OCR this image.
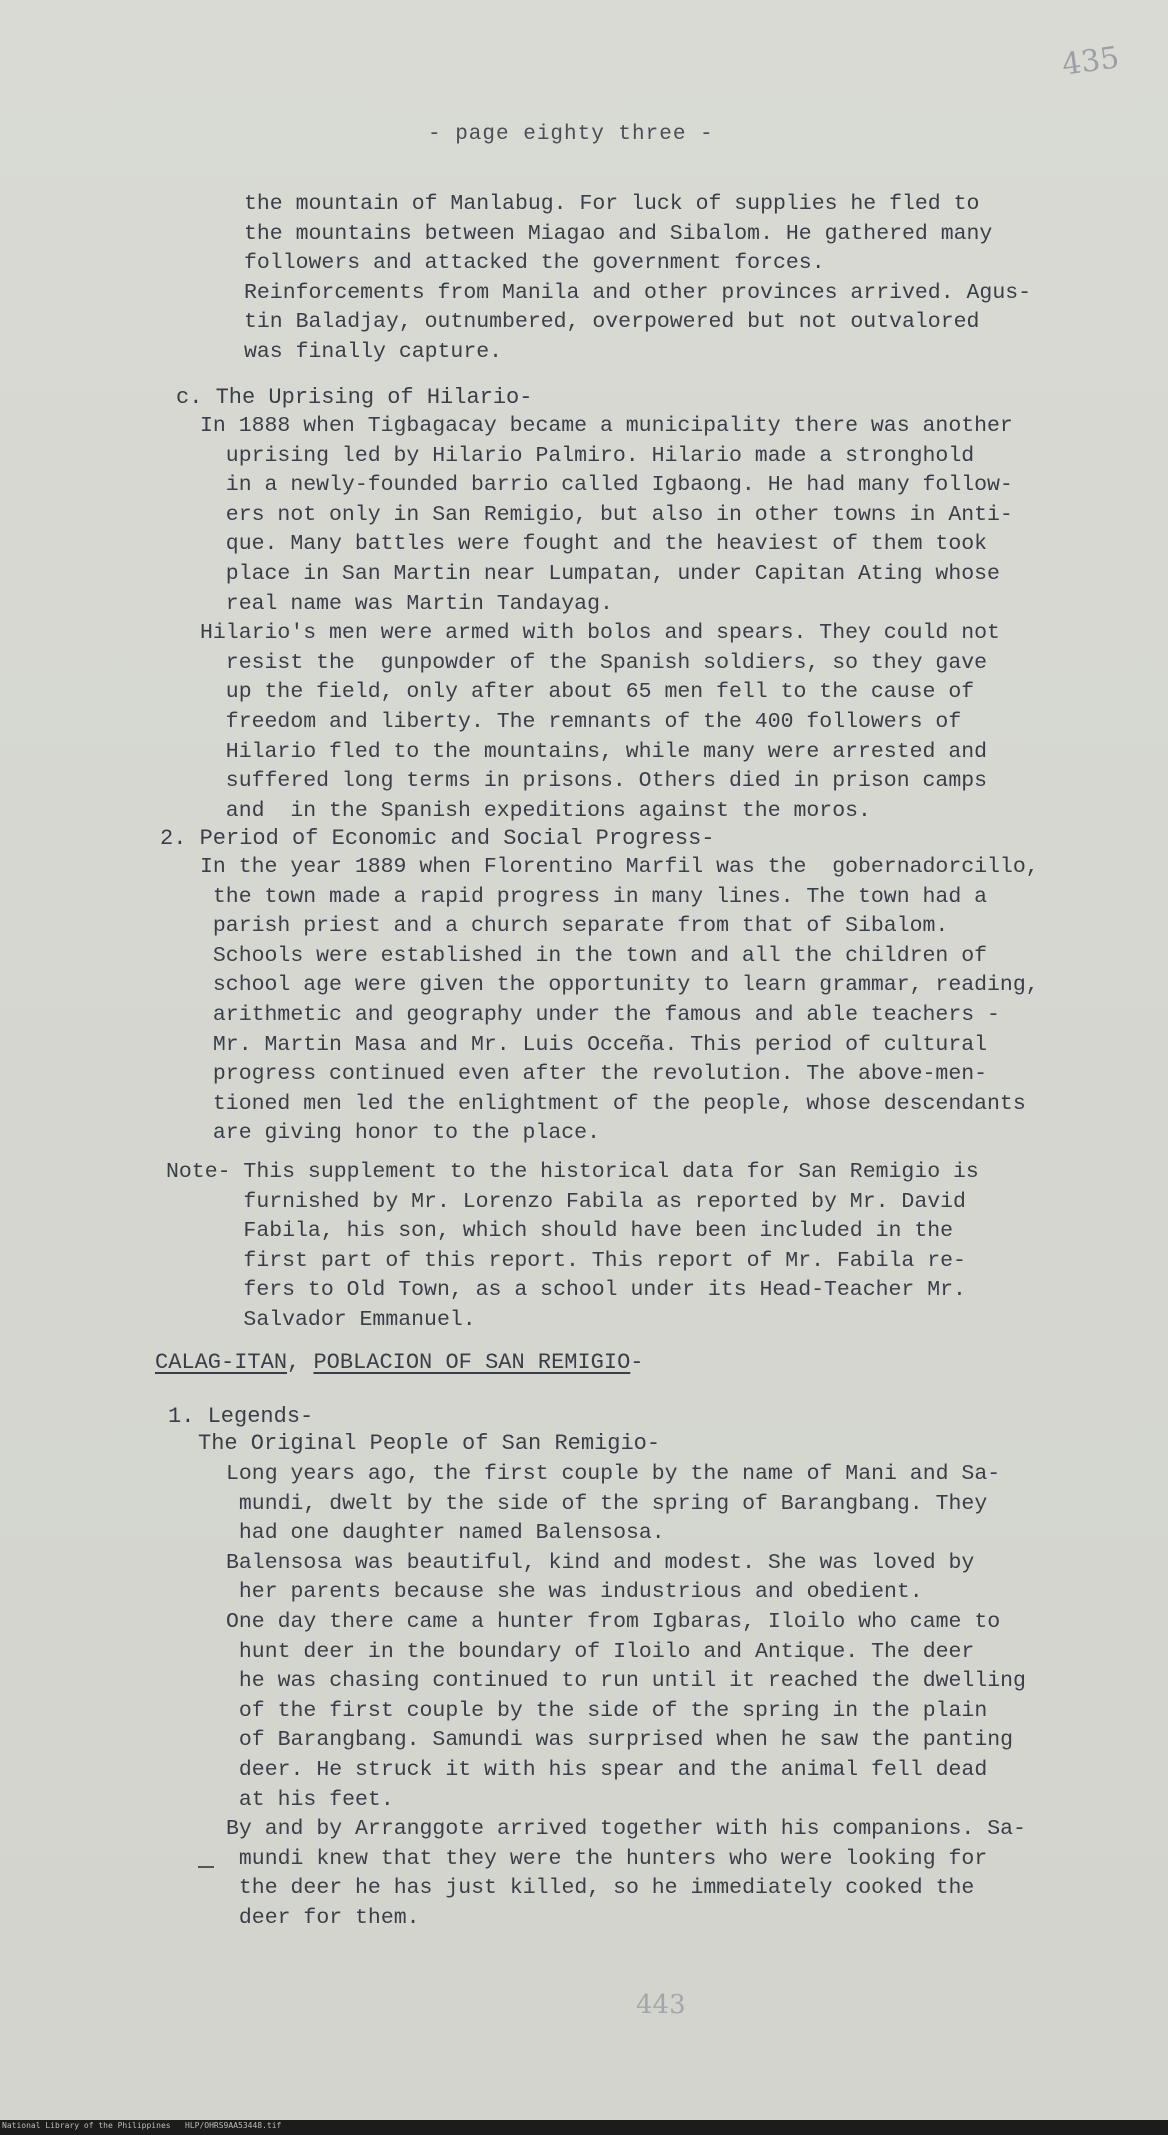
435
- page eighty three -
the mountain of Manlabug. For luck of supplies he fled to
the mountains between Miagao and Sibalom. He gathered many
followers and attacked the government forces.
Reinforcements from Manila and other provinces arrived. Agus-
tin Baladjay, outnumbered, overpowered but not outvalored
was finally capture.
c. The Uprising of Hilario-
In 1888 when Tigbagacay became a municipality there was another
uprising led by Hilario Palmiro. Hilario made a stronghold
in a newly-founded barrio called Igbaong. He had many follow-
ers not only in San Remigio, but also in other towns in Anti-
que. Many battles were fought and the heaviest of them took
place in San Martin near Lumpatan, under Capitan Ating whose
real name was Martin Tandayag.
Hilario's men were armed with bolos and spears. They could not
resist the  gunpowder of the Spanish soldiers, so they gave
up the field, only after about 65 men fell to the cause of
freedom and liberty. The remnants of the 400 followers of
Hilario fled to the mountains, while many were arrested and
suffered long terms in prisons. Others died in prison camps
and  in the Spanish expeditions against the moros.
2. Period of Economic and Social Progress-
In the year 1889 when Florentino Marfil was the  gobernadorcillo,
the town made a rapid progress in many lines. The town had a
parish priest and a church separate from that of Sibalom.
Schools were established in the town and all the children of
school age were given the opportunity to learn grammar, reading,
arithmetic and geography under the famous and able teachers -
Mr. Martin Masa and Mr. Luis Occeña. This period of cultural
progress continued even after the revolution. The above-men-
tioned men led the enlightment of the people, whose descendants
are giving honor to the place.
Note- This supplement to the historical data for San Remigio is
furnished by Mr. Lorenzo Fabila as reported by Mr. David
Fabila, his son, which should have been included in the
first part of this report. This report of Mr. Fabila re-
fers to Old Town, as a school under its Head-Teacher Mr.
Salvador Emmanuel.
CALAG-ITAN, POBLACION OF SAN REMIGIO-
1. Legends-
The Original People of San Remigio-
Long years ago, the first couple by the name of Mani and Sa-
mundi, dwelt by the side of the spring of Barangbang. They
had one daughter named Balensosa.
Balensosa was beautiful, kind and modest. She was loved by
her parents because she was industrious and obedient.
One day there came a hunter from Igbaras, Iloilo who came to
hunt deer in the boundary of Iloilo and Antique. The deer
he was chasing continued to run until it reached the dwelling
of the first couple by the side of the spring in the plain
of Barangbang. Samundi was surprised when he saw the panting
deer. He struck it with his spear and the animal fell dead
at his feet.
By and by Arranggote arrived together with his companions. Sa-
mundi knew that they were the hunters who were looking for
the deer he has just killed, so he immediately cooked the
deer for them.
443
National Library of the Philippines   HLP/OHRS9AA53448.tif
